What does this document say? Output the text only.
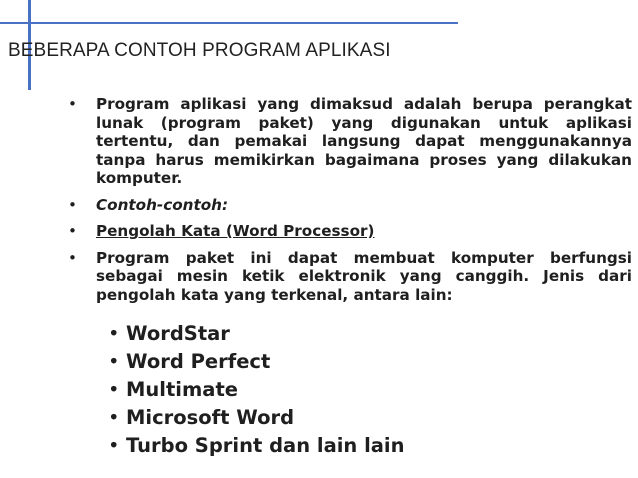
BEBERAPA CONTOH PROGRAM APLIKASI
• Program aplikasi yang dimaksud adalah berupa perangkat lunak (program paket) yang digunakan untuk aplikasi tertentu, dan pemakai langsung dapat menggunakannya tanpa harus memikirkan bagaimana proses yang dilakukan komputer.
• Contoh-contoh:
• Pengolah Kata (Word Processor)
• Program paket ini dapat membuat komputer berfungsi sebagai mesin ketik elektronik yang canggih. Jenis dari pengolah kata yang terkenal, antara lain:
• WordStar
• Word Perfect
• Multimate
• Microsoft Word
• Turbo Sprint dan lain lain
